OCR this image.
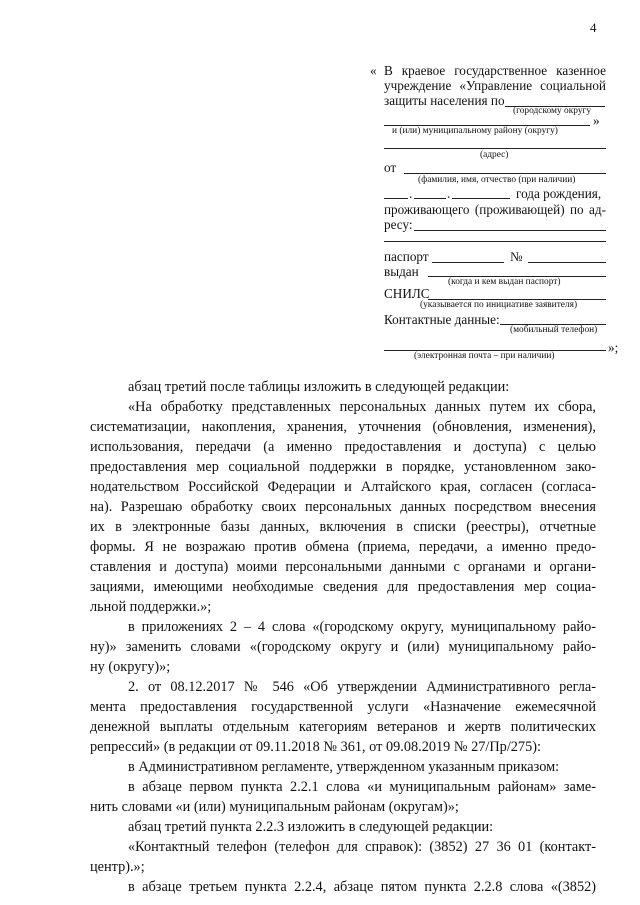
4
« В краевое государственное казенное
учреждение «Управление социальной
защиты населения по
(городскому округу
»
и (или) муниципальному району (округу)
(адрес)
от
(фамилия, имя, отчество (при наличии)
.	.	года рождения,
проживающего (проживающей) по ад-
ресу:
паспорт	№
выдан
(когда и кем выдан паспорт)
СНИЛС
(указывается по инициативе заявителя)
Контактные данные:
(мобильный телефон)
»;
(электронная почта – при наличии)
абзац третий после таблицы изложить в следующей редакции:
«На обработку представленных персональных данных путем их сбора,
систематизации, накопления, хранения, уточнения (обновления, изменения),
использования, передачи (а именно предоставления и доступа) с целью
предоставления мер социальной поддержки в порядке, установленном зако-
нодательством Российской Федерации и Алтайского края, согласен (согласа-
на). Разрешаю обработку своих персональных данных посредством внесения
их в электронные базы данных, включения в списки (реестры), отчетные
формы. Я не возражаю против обмена (приема, передачи, а именно предо-
ставления и доступа) моими персональными данными с органами и органи-
зациями, имеющими необходимые сведения для предоставления мер социа-
льной поддержки.»;
в приложениях 2 – 4 слова «(городскому округу, муниципальному райо-
ну)» заменить словами «(городскому округу и (или) муниципальному райо-
ну (округу)»;
2. от 08.12.2017 № 546 «Об утверждении Административного регла-
мента предоставления государственной услуги «Назначение ежемесячной
денежной выплаты отдельным категориям ветеранов и жертв политических
репрессий» (в редакции от 09.11.2018 № 361, от 09.08.2019 № 27/Пр/275):
в Административном регламенте, утвержденном указанным приказом:
в абзаце первом пункта 2.2.1 слова «и муниципальным районам» заме-
нить словами «и (или) муниципальным районам (округам)»;
абзац третий пункта 2.2.3 изложить в следующей редакции:
«Контактный телефон (телефон для справок): (3852) 27 36 01 (контакт-
центр).»;
в абзаце третьем пункта 2.2.4, абзаце пятом пункта 2.2.8 слова «(3852)
